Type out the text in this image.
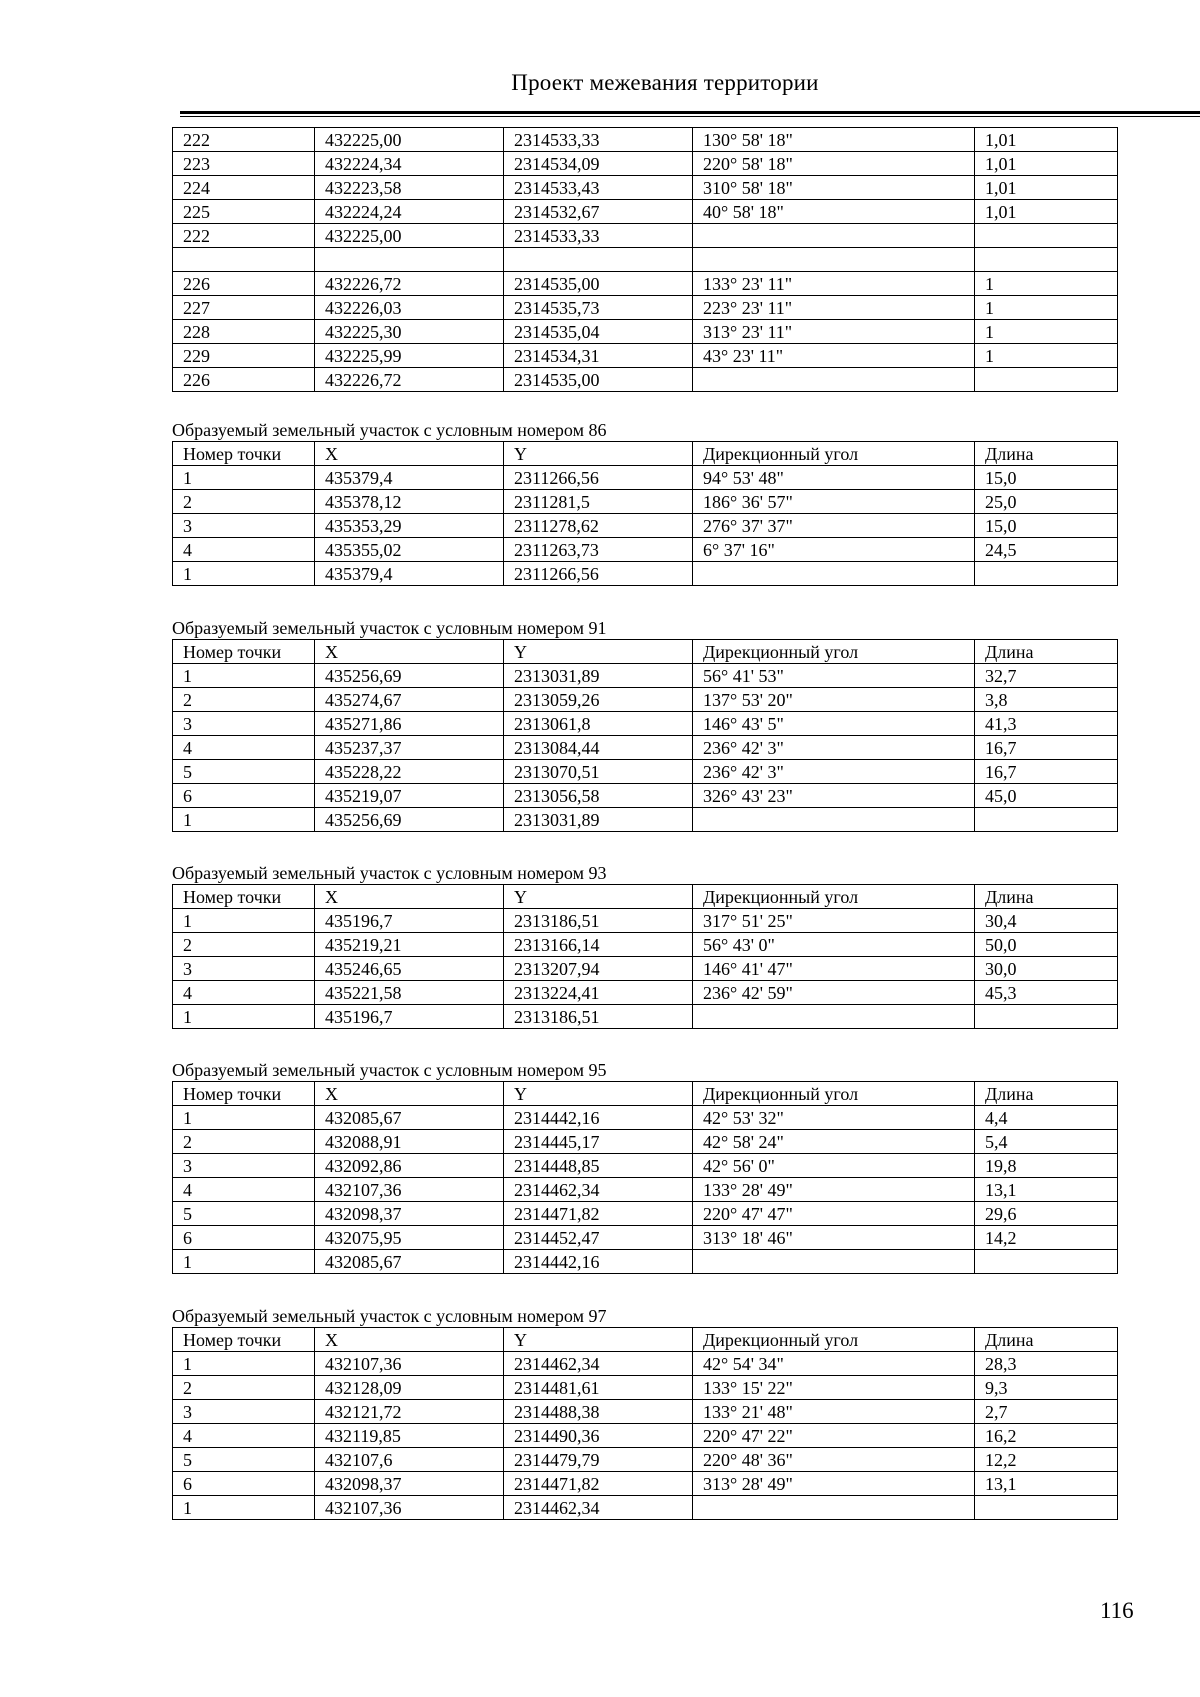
Проект межевания территории
222	432225,00	2314533,33	130° 58' 18"	1,01
223	432224,34	2314534,09	220° 58' 18"	1,01
224	432223,58	2314533,43	310° 58' 18"	1,01
225	432224,24	2314532,67	40° 58' 18"	1,01
222	432225,00	2314533,33		

226	432226,72	2314535,00	133° 23' 11"	1
227	432226,03	2314535,73	223° 23' 11"	1
228	432225,30	2314535,04	313° 23' 11"	1
229	432225,99	2314534,31	43° 23' 11"	1
226	432226,72	2314535,00		
Образуемый земельный участок с условным номером 86
Номер точки	X	Y	Дирекционный угол	Длина
1	435379,4	2311266,56	94° 53' 48"	15,0
2	435378,12	2311281,5	186° 36' 57"	25,0
3	435353,29	2311278,62	276° 37' 37"	15,0
4	435355,02	2311263,73	6° 37' 16"	24,5
1	435379,4	2311266,56		
Образуемый земельный участок с условным номером 91
Номер точки	X	Y	Дирекционный угол	Длина
1	435256,69	2313031,89	56° 41' 53"	32,7
2	435274,67	2313059,26	137° 53' 20"	3,8
3	435271,86	2313061,8	146° 43' 5"	41,3
4	435237,37	2313084,44	236° 42' 3"	16,7
5	435228,22	2313070,51	236° 42' 3"	16,7
6	435219,07	2313056,58	326° 43' 23"	45,0
1	435256,69	2313031,89		
Образуемый земельный участок с условным номером 93
Номер точки	X	Y	Дирекционный угол	Длина
1	435196,7	2313186,51	317° 51' 25"	30,4
2	435219,21	2313166,14	56° 43' 0"	50,0
3	435246,65	2313207,94	146° 41' 47"	30,0
4	435221,58	2313224,41	236° 42' 59"	45,3
1	435196,7	2313186,51		
Образуемый земельный участок с условным номером 95
Номер точки	X	Y	Дирекционный угол	Длина
1	432085,67	2314442,16	42° 53' 32"	4,4
2	432088,91	2314445,17	42° 58' 24"	5,4
3	432092,86	2314448,85	42° 56' 0"	19,8
4	432107,36	2314462,34	133° 28' 49"	13,1
5	432098,37	2314471,82	220° 47' 47"	29,6
6	432075,95	2314452,47	313° 18' 46"	14,2
1	432085,67	2314442,16		
Образуемый земельный участок с условным номером 97
Номер точки	X	Y	Дирекционный угол	Длина
1	432107,36	2314462,34	42° 54' 34"	28,3
2	432128,09	2314481,61	133° 15' 22"	9,3
3	432121,72	2314488,38	133° 21' 48"	2,7
4	432119,85	2314490,36	220° 47' 22"	16,2
5	432107,6	2314479,79	220° 48' 36"	12,2
6	432098,37	2314471,82	313° 28' 49"	13,1
1	432107,36	2314462,34		
116
